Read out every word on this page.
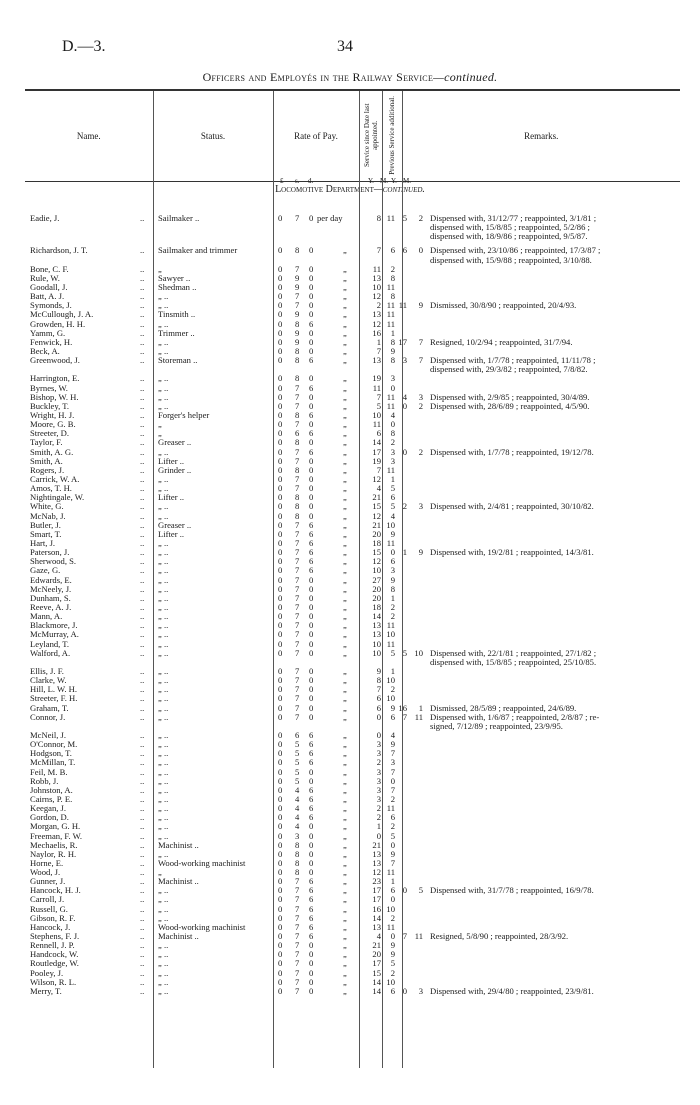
D.—3.	34
Officers and Employés in the Railway Service—continued.
Name.	Status.	Rate of Pay.	Service since Date last appointed.	Previous Service additional.	Remarks.
£ s. d.	Y. M. Y. M.
Locomotive Department—continued.
Eadie, J.	.. Sailmaker ..	0	7	0 per day	8 11 5	2 Dispensed with, 31/12/77 ; reappointed, 3/1/81 ;
dispensed with, 15/8/85 ; reappointed, 5/2/86 ;
dispensed with, 18/9/86 ; reappointed, 9/5/87.
Richardson, J. T.	.. Sailmaker and trimmer	0	8	0	„	7	6 6	0 Dispensed with, 23/10/86 ; reappointed, 17/3/87 ;
dispensed with, 15/9/88 ; reappointed, 3/10/88.
Bone, C. F.	.. „	0	7	0	„	11	2
Rule, W.	.. Sawyer ..	0	9	0	„	13	8
Goodall, J.	.. Shedman ..	0	9	0	„	10 11
Batt, A. J.	.. „ ..	0	7	0	„	12	8
Symonds, J.	.. „ ..	0	7	0	„	2 11 11	9 Dismissed, 30/8/90 ; reappointed, 20/4/93.
McCullough, J. A.	.. Tinsmith ..	0	9	0	„	13 11
Growden, H. H.	.. „ ..	0	8	6	„	12 11
Yamm, G.	.. Trimmer ..	0	9	0	„	16	1
Fenwick, H.	.. „ ..	0	9	0	„	1	8 17	7 Resigned, 10/2/94 ; reappointed, 31/7/94.
Beck, A.	.. „ ..	0	8	0	„	7	9
Greenwood, J.	.. Storeman ..	0	8	6	„	13	8 3	7 Dispensed with, 1/7/78 ; reappointed, 11/11/78 ;
dispensed with, 29/3/82 ; reappointed, 7/8/82.
Harrington, E.	.. „ ..	0	8	0	„	19	3
Byrnes, W.	.. „ ..	0	7	6	„	11	0
Bishop, W. H.	.. „ ..	0	7	0	„	7 11 4	3 Dispensed with, 2/9/85 ; reappointed, 30/4/89.
Buckley, T.	.. „ ..	0	7	0	„	5 11 0	2 Dispensed with, 28/6/89 ; reappointed, 4/5/90.
Wright, H. J.	.. Forger's helper	0	8	6	„	10	4
Moore, G. B.	.. „	0	7	0	„	11	0
Streeter, D.	.. „	0	6	6	„	6	8
Taylor, F.	.. Greaser ..	0	8	0	„	14	2
Smith, A. G.	.. „ ..	0	7	6	„	17	3 0	2 Dispensed with, 1/7/78 ; reappointed, 19/12/78.
Smith, A.	.. Lifter ..	0	7	0	„	19	3
Rogers, J.	.. Grinder ..	0	8	0	„	7 11
Carrick, W. A.	.. „ ..	0	7	0	„	12	1
Amos, T. H.	.. „ ..	0	7	0	„	4	5
Nightingale, W.	.. Lifter ..	0	8	0	„	21	6
White, G.	.. „ ..	0	8	0	„	15	5 2	3 Dispensed with, 2/4/81 ; reappointed, 30/10/82.
McNab, J.	.. „ ..	0	8	0	„	12	4
Butler, J.	.. Greaser ..	0	7	6	„	21 10
Smart, T.	.. Lifter ..	0	7	6	„	20	9
Hart, J.	.. „ ..	0	7	6	„	18 11
Paterson, J.	.. „ ..	0	7	6	„	15	0 1	9 Dispensed with, 19/2/81 ; reappointed, 14/3/81.
Sherwood, S.	.. „ ..	0	7	6	„	12	6
Gaze, G.	.. „ ..	0	7	6	„	10	3
Edwards, E.	.. „ ..	0	7	0	„	27	9
McNeely, J.	.. „ ..	0	7	0	„	20	8
Dunham, S.	.. „ ..	0	7	0	„	20	1
Reeve, A. J.	.. „ ..	0	7	0	„	18	2
Mann, A.	.. „ ..	0	7	0	„	14	2
Blackmore, J.	.. „ ..	0	7	0	„	13 11
McMurray, A.	.. „ ..	0	7	0	„	13 10
Leyland, T.	.. „ ..	0	7	0	„	10 11
Walford, A.	.. „ ..	0	7	0	„	10	5 5 10 Dispensed with, 22/1/81 ; reappointed, 27/1/82 ;
dispensed with, 15/8/85 ; reappointed, 25/10/85.
Ellis, J. F.	.. „ ..	0	7	0	„	9	1
Clarke, W.	.. „ ..	0	7	0	„	8 10
Hill, L. W. H.	.. „ ..	0	7	0	„	7	2
Streeter, F. H.	.. „ ..	0	7	0	„	6 10
Graham, T.	.. „ ..	0	7	0	„	6	9 16	1 Dismissed, 28/5/89 ; reappointed, 24/6/89.
Connor, J.	.. „ ..	0	7	0	„	0	6 7 11 Dispensed with, 1/6/87 ; reappointed, 2/8/87 ; re-
signed, 7/12/89 ; reappointed, 23/9/95.
McNeil, J.	.. „ ..	0	6	6	„	0	4
O'Connor, M.	.. „ ..	0	5	6	„	3	9
Hodgson, T.	.. „ ..	0	5	6	„	3	7
McMillan, T.	.. „ ..	0	5	6	„	2	3
Feil, M. B.	.. „ ..	0	5	0	„	3	7
Robb, J.	.. „ ..	0	5	0	„	3	0
Johnston, A.	.. „ ..	0	4	6	„	3	7
Cairns, P. E.	.. „ ..	0	4	6	„	3	2
Keegan, J.	.. „ ..	0	4	6	„	2 11
Gordon, D.	.. „ ..	0	4	6	„	2	6
Morgan, G. H.	.. „ ..	0	4	0	„	1	2
Freeman, F. W.	.. „ ..	0	3	0	„	0	5
Mechaelis, R.	.. Machinist ..	0	8	0	„	21	0
Naylor, R. H.	.. „ ..	0	8	0	„	13	9
Horne, E.	.. Wood-working machinist	0	8	0	„	13	7
Wood, J.	.. „	0	8	0	„	12 11
Gunner, J.	.. Machinist ..	0	7	6	„	23	1
Hancock, H. J.	.. „ ..	0	7	6	„	17	6 0	5 Dispensed with, 31/7/78 ; reappointed, 16/9/78.
Carroll, J.	.. „ ..	0	7	6	„	17	0
Russell, G.	.. „ ..	0	7	6	„	16 10
Gibson, R. F.	.. „ ..	0	7	6	„	14	2
Hancock, J.	.. Wood-working machinist	0	7	6	„	13 11
Stephens, F. J.	.. Machinist ..	0	7	6	„	4	0 7 11 Resigned, 5/8/90 ; reappointed, 28/3/92.
Rennell, J. P.	.. „ ..	0	7	0	„	21	9
Handcock, W.	.. „ ..	0	7	0	„	20	9
Routledge, W.	.. „ ..	0	7	0	„	17	5
Pooley, J.	.. „ ..	0	7	0	„	15	2
Wilson, R. L.	.. „ ..	0	7	0	„	14 10
Merry, T.	.. „ ..	0	7	0	„	14	6 0	3 Dispensed with, 29/4/80 ; reappointed, 23/9/81.
